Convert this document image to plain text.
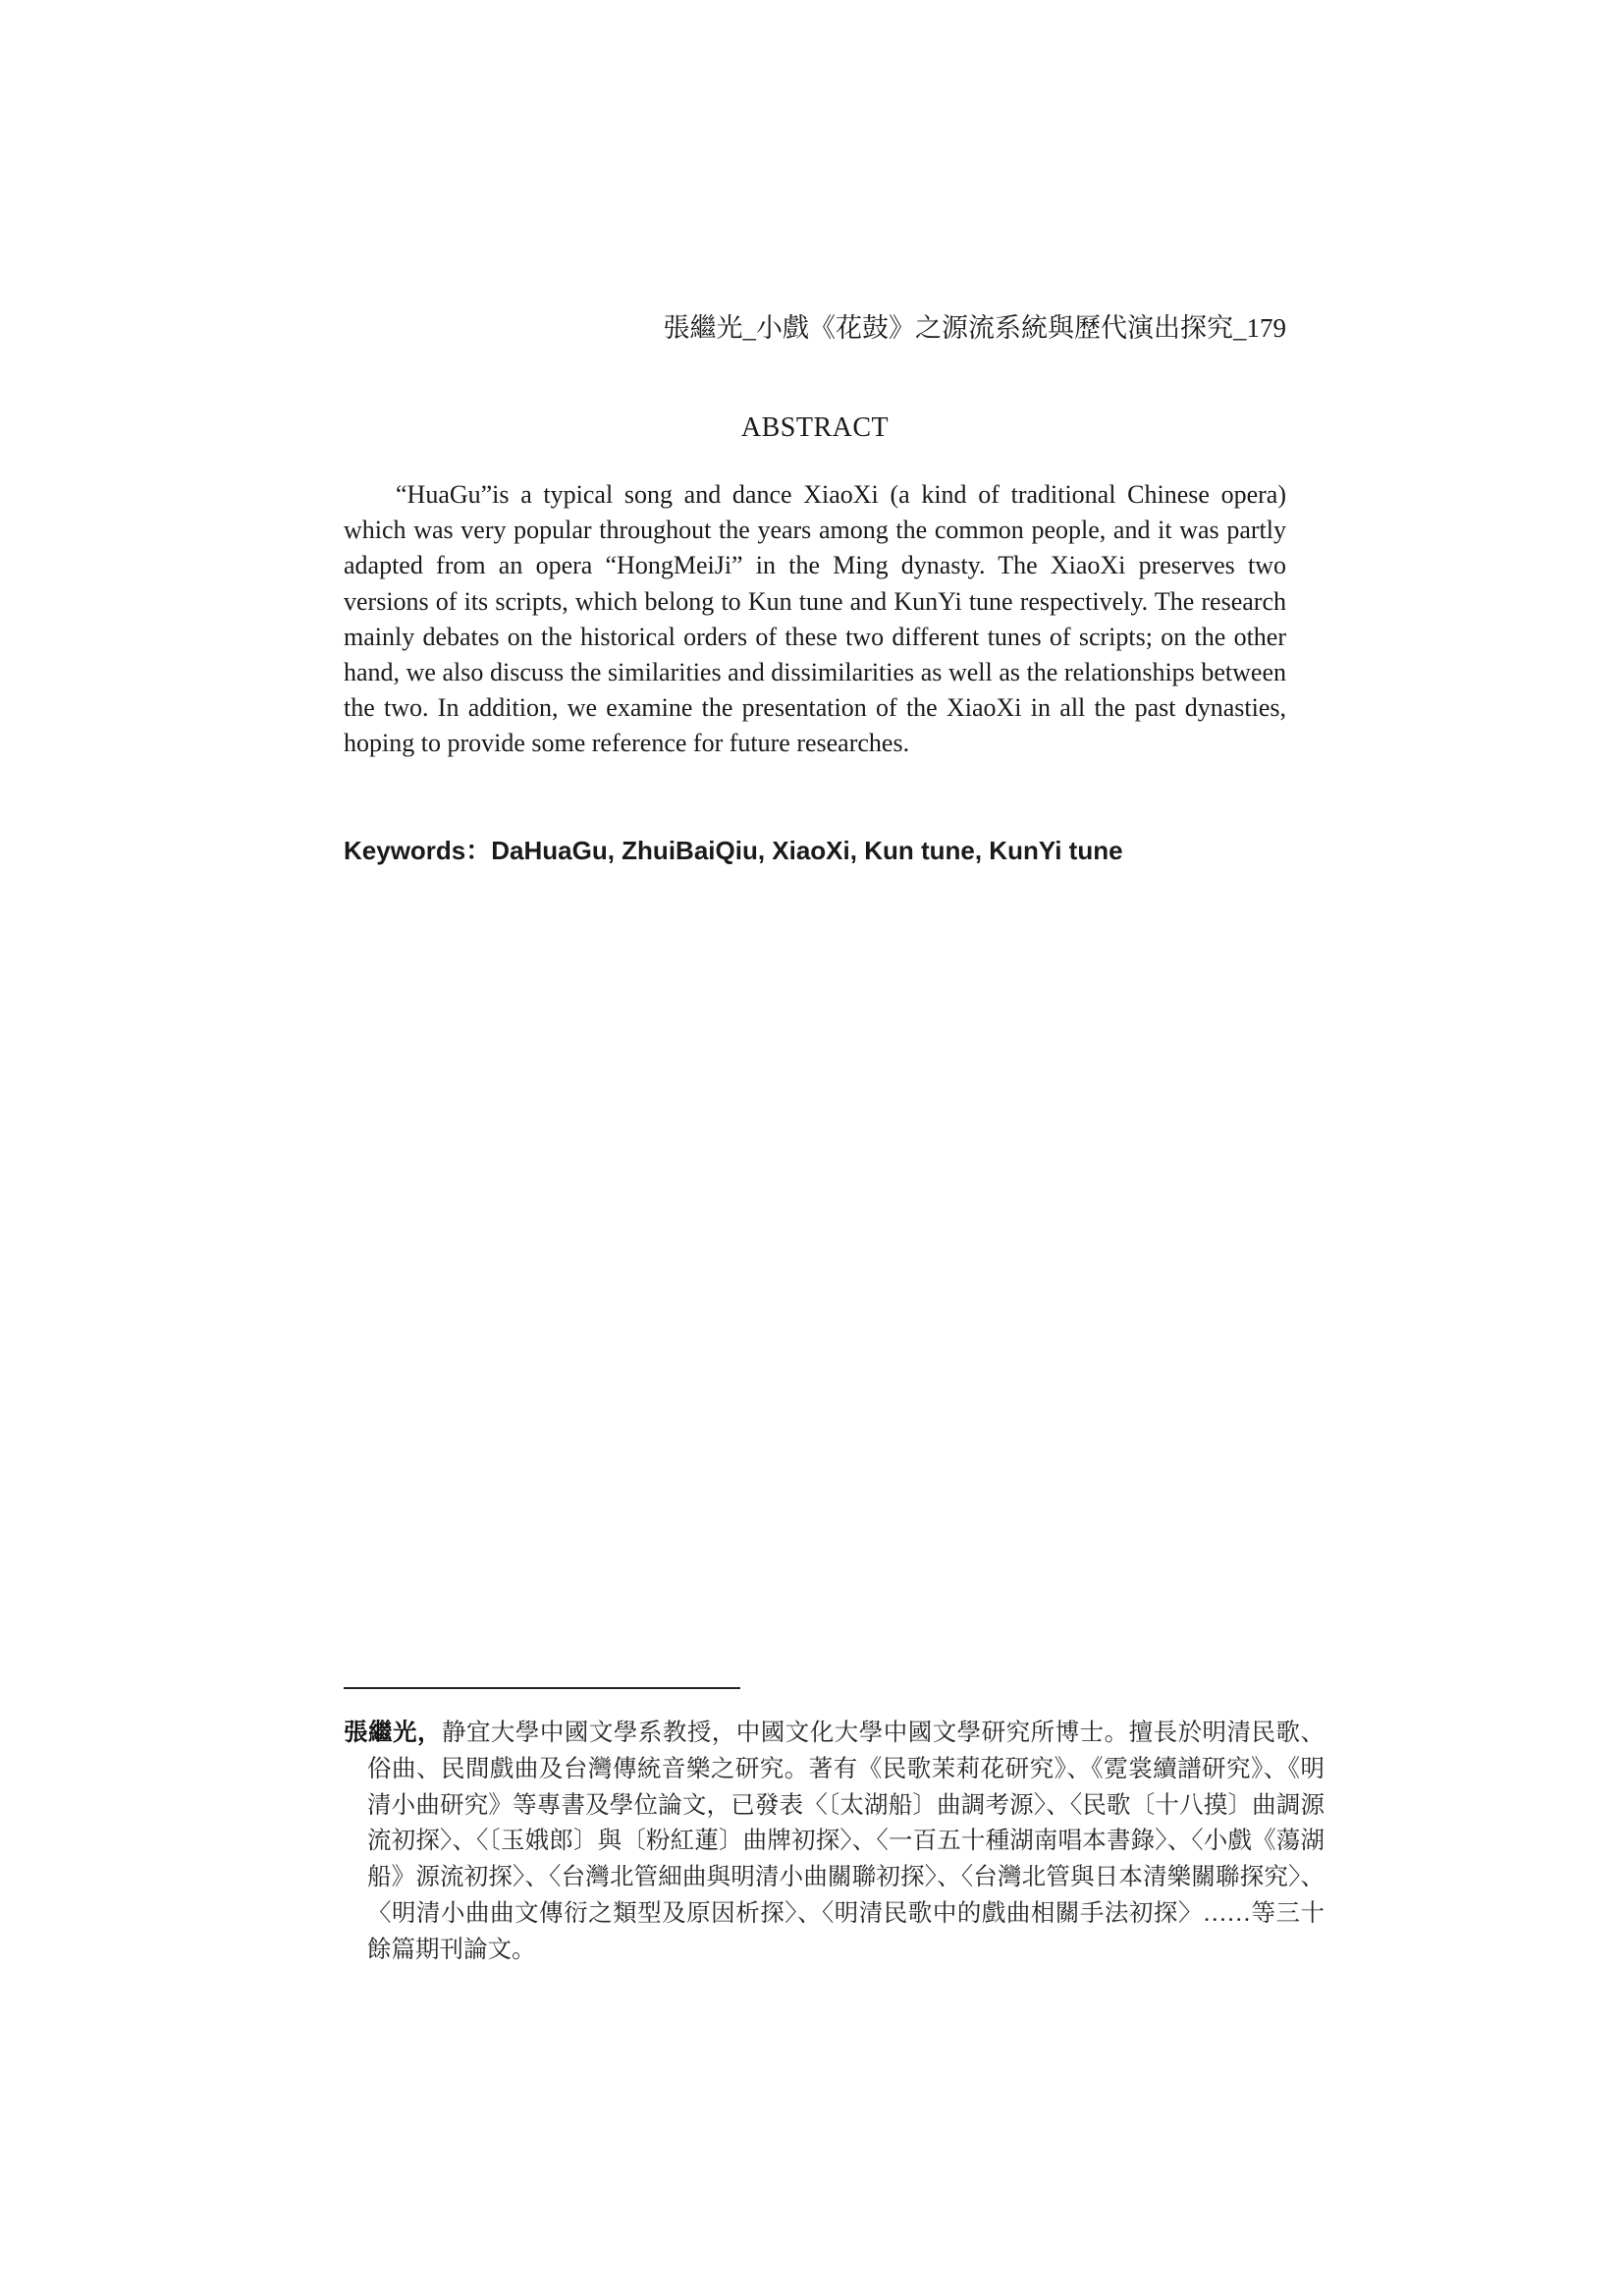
張繼光_小戲《花鼓》之源流系統與歷代演出探究_179
ABSTRACT

“HuaGu”is a typical song and dance XiaoXi (a kind of traditional Chinese opera) which was very popular throughout the years among the common people, and it was partly adapted from an opera “HongMeiJi” in the Ming dynasty. The XiaoXi preserves two versions of its scripts, which belong to Kun tune and KunYi tune respectively. The research mainly debates on the historical orders of these two different tunes of scripts; on the other hand, we also discuss the similarities and dissimilarities as well as the relationships between the two. In addition, we examine the presentation of the XiaoXi in all the past dynasties, hoping to provide some reference for future researches.

Keywords：DaHuaGu, ZhuiBaiQiu, XiaoXi, Kun tune, KunYi tune

張繼光，静宜大學中國文學系教授，中國文化大學中國文學研究所博士。擅長於明清民歌、俗曲、民間戲曲及台灣傳統音樂之研究。著有《民歌茉莉花研究》、《霓裳續譜研究》、《明清小曲研究》等專書及學位論文，已發表〈〔太湖船〕曲調考源〉、〈民歌〔十八摸〕曲調源流初探〉、〈〔玉娥郎〕與〔粉紅蓮〕曲牌初探〉、〈一百五十種湖南唱本書錄〉、〈小戲《蕩湖船》源流初探〉、〈台灣北管細曲與明清小曲關聯初探〉、〈台灣北管與日本清樂關聯探究〉、〈明清小曲曲文傳衍之類型及原因析探〉、〈明清民歌中的戲曲相關手法初探〉……等三十餘篇期刊論文。
